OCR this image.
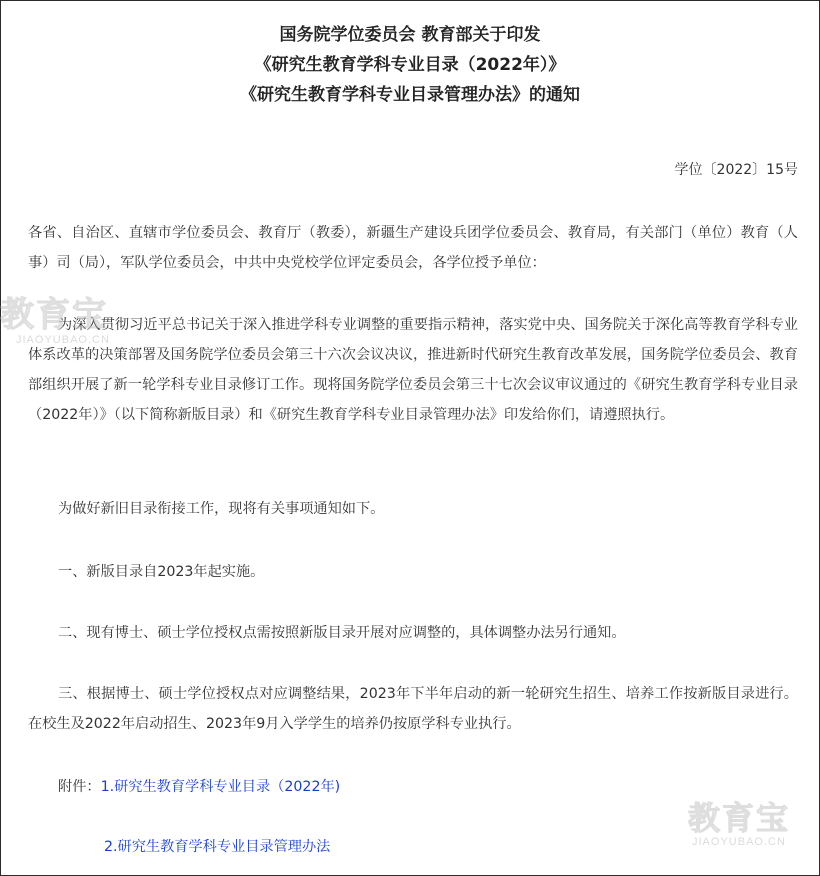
国务院学位委员会 教育部关于印发
《研究生教育学科专业目录（2022年）》
《研究生教育学科专业目录管理办法》的通知
学位〔2022〕15号

各省、自治区、直辖市学位委员会、教育厅（教委），新疆生产建设兵团学位委员会、教育局，有关部门（单位）教育（人事）司（局），军队学位委员会，中共中央党校学位评定委员会，各学位授予单位：

为深入贯彻习近平总书记关于深入推进学科专业调整的重要指示精神，落实党中央、国务院关于深化高等教育学科专业体系改革的决策部署及国务院学位委员会第三十六次会议决议，推进新时代研究生教育改革发展，国务院学位委员会、教育部组织开展了新一轮学科专业目录修订工作。现将国务院学位委员会第三十七次会议审议通过的《研究生教育学科专业目录（2022年）》（以下简称新版目录）和《研究生教育学科专业目录管理办法》印发给你们，请遵照执行。

为做好新旧目录衔接工作，现将有关事项通知如下。

一、新版目录自2023年起实施。

二、现有博士、硕士学位授权点需按照新版目录开展对应调整的，具体调整办法另行通知。

三、根据博士、硕士学位授权点对应调整结果，2023年下半年启动的新一轮研究生招生、培养工作按新版目录进行。在校生及2022年启动招生、2023年9月入学学生的培养仍按原学科专业执行。

附件：1.研究生教育学科专业目录（2022年)
2.研究生教育学科专业目录管理办法
教育宝
JIAOYUBAO.CN
教育宝
JIAOYUBAO.CN
